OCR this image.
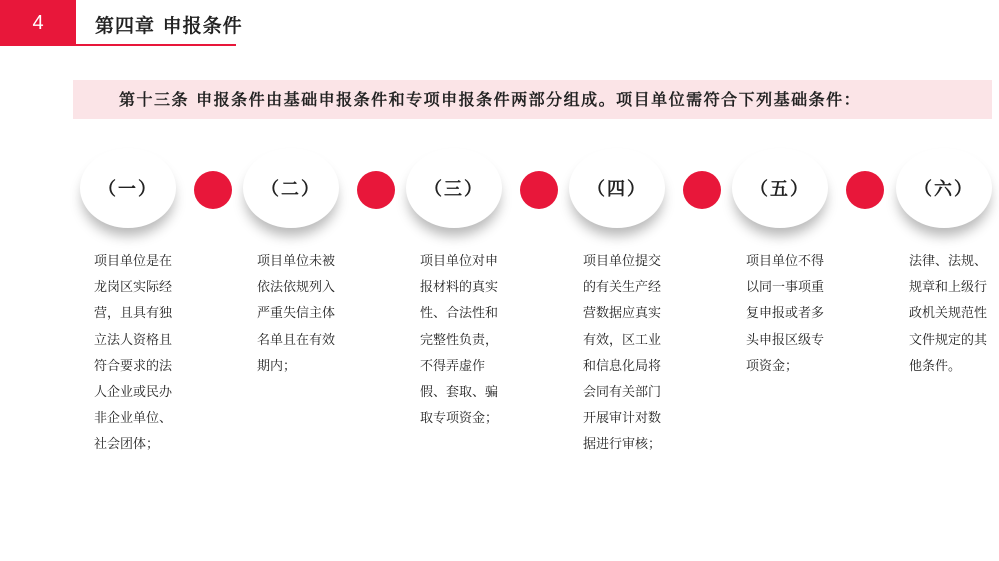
4	第四章 申报条件
第十三条 申报条件由基础申报条件和专项申报条件两部分组成。项目单位需符合下列基础条件：
（一）	（二）	（三）	（四）	（五）	（六）
项目单位是在龙岗区实际经营，且具有独立法人资格且符合要求的法人企业或民办非企业单位、社会团体；
项目单位未被依法依规列入严重失信主体名单且在有效期内；
项目单位对申报材料的真实性、合法性和完整性负责，不得弄虚作假、套取、骗取专项资金；
项目单位提交的有关生产经营数据应真实有效，区工业和信息化局将会同有关部门开展审计对数据进行审核；
项目单位不得以同一事项重复申报或者多头申报区级专项资金；
法律、法规、规章和上级行政机关规范性文件规定的其他条件。
